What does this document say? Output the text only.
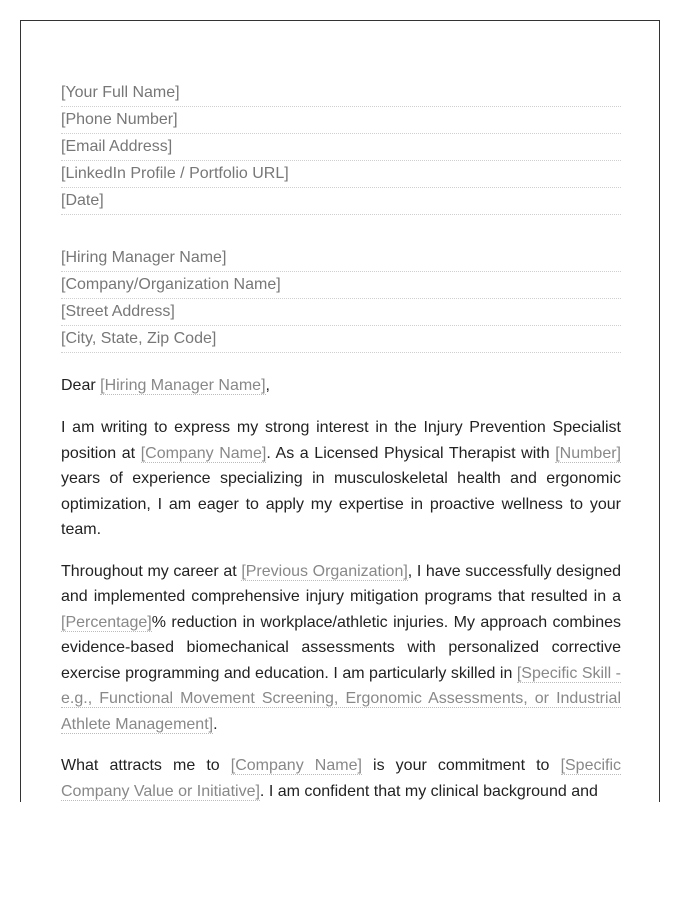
[Your Full Name]
[Phone Number]
[Email Address]
[LinkedIn Profile / Portfolio URL]
[Date]
[Hiring Manager Name]
[Company/Organization Name]
[Street Address]
[City, State, Zip Code]
Dear [Hiring Manager Name],
I am writing to express my strong interest in the Injury Prevention Specialist position at [Company Name]. As a Licensed Physical Therapist with [Number] years of experience specializing in musculoskeletal health and ergonomic optimization, I am eager to apply my expertise in proactive wellness to your team.
Throughout my career at [Previous Organization], I have successfully designed and implemented comprehensive injury mitigation programs that resulted in a [Percentage]% reduction in workplace/athletic injuries. My approach combines evidence-based biomechanical assessments with personalized corrective exercise programming and education. I am particularly skilled in [Specific Skill - e.g., Functional Movement Screening, Ergonomic Assessments, or Industrial Athlete Management].
What attracts me to [Company Name] is your commitment to [Specific Company Value or Initiative]. I am confident that my clinical background and
